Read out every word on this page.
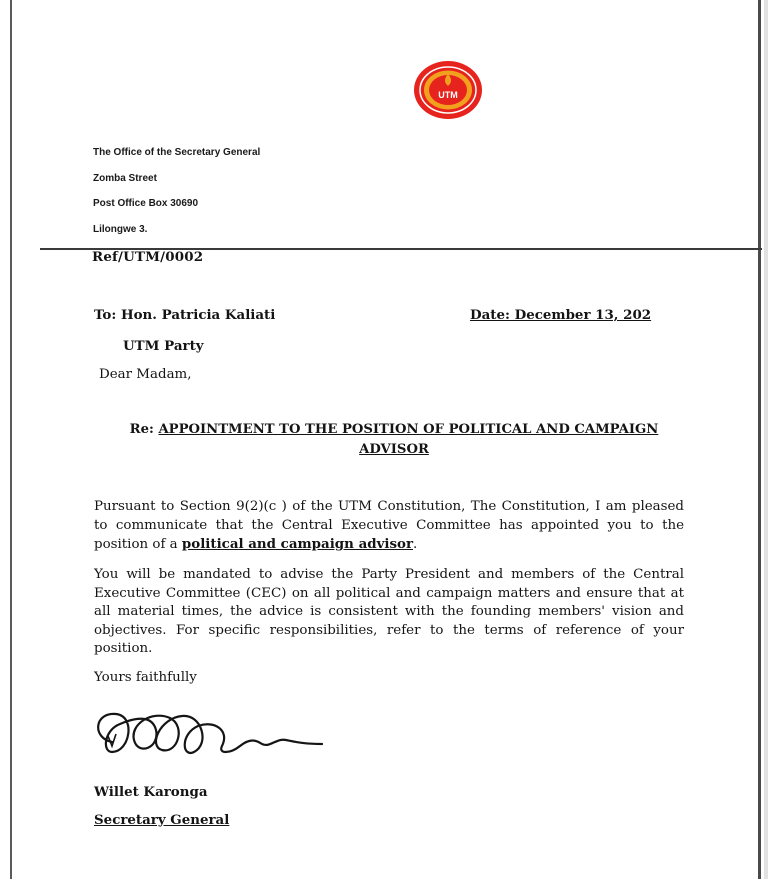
UTM
The Office of the Secretary General
Zomba Street
Post Office Box 30690
Lilongwe 3.
Ref/UTM/0002
To: Hon. Patricia Kaliati	Date: December 13, 202
UTM Party
Dear Madam,
Re: APPOINTMENT TO THE POSITION OF POLITICAL AND CAMPAIGN
ADVISOR
Pursuant to Section 9(2)(c ) of the UTM Constitution, The Constitution, I am pleased to communicate that the Central Executive Committee has appointed you to the position of a political and campaign advisor.
You will be mandated to advise the Party President and members of the Central Executive Committee (CEC) on all political and campaign matters and ensure that at all material times, the advice is consistent with the founding members' vision and objectives. For specific responsibilities, refer to the terms of reference of your position.
Yours faithfully
Willet Karonga
Secretary General
